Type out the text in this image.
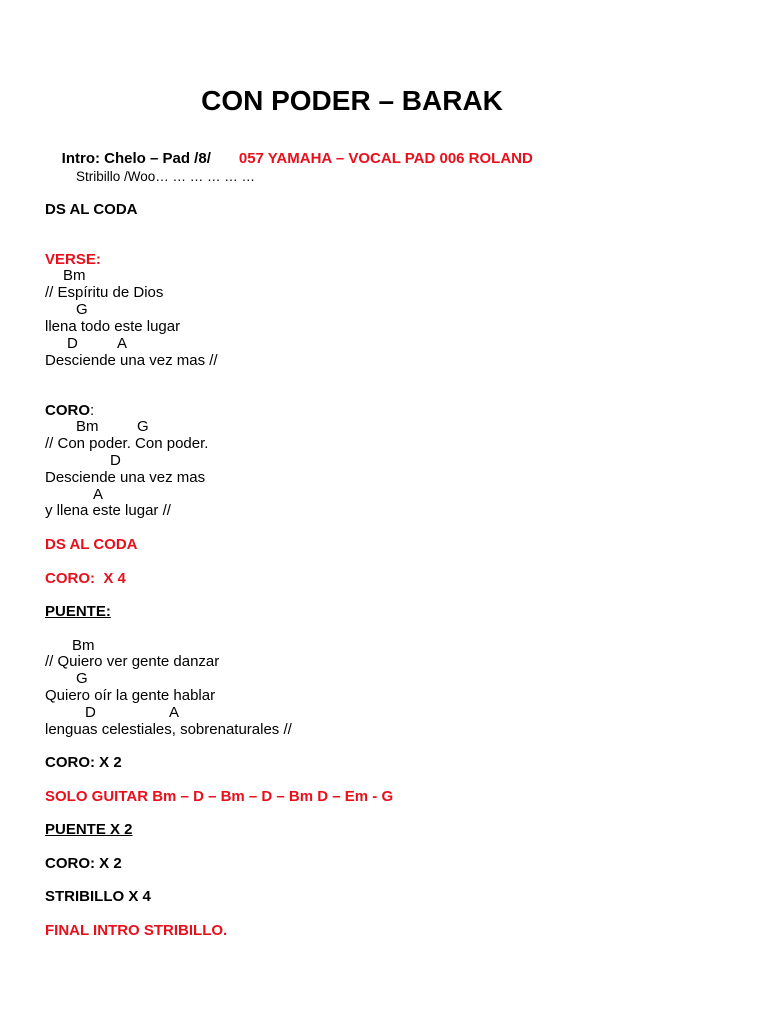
CON PODER – BARAK

Intro: Chelo – Pad /8/ 057 YAMAHA – VOCAL PAD 006 ROLAND

Stribillo /Woo… … … … … …
DS AL CODA
VERSE:
Bm
// Espíritu de Dios
G
llena todo este lugar
D	A
Desciende una vez mas //
CORO:
Bm	G
// Con poder. Con poder.
D
Desciende una vez mas
A
y llena este lugar //
DS AL CODA
CORO:  X 4
PUENTE:
Bm
// Quiero ver gente danzar
G
Quiero oír la gente hablar
D	A
lenguas celestiales, sobrenaturales //
CORO: X 2
SOLO GUITAR Bm – D – Bm – D – Bm D – Em - G
PUENTE X 2
CORO: X 2
STRIBILLO X 4
FINAL INTRO STRIBILLO.
